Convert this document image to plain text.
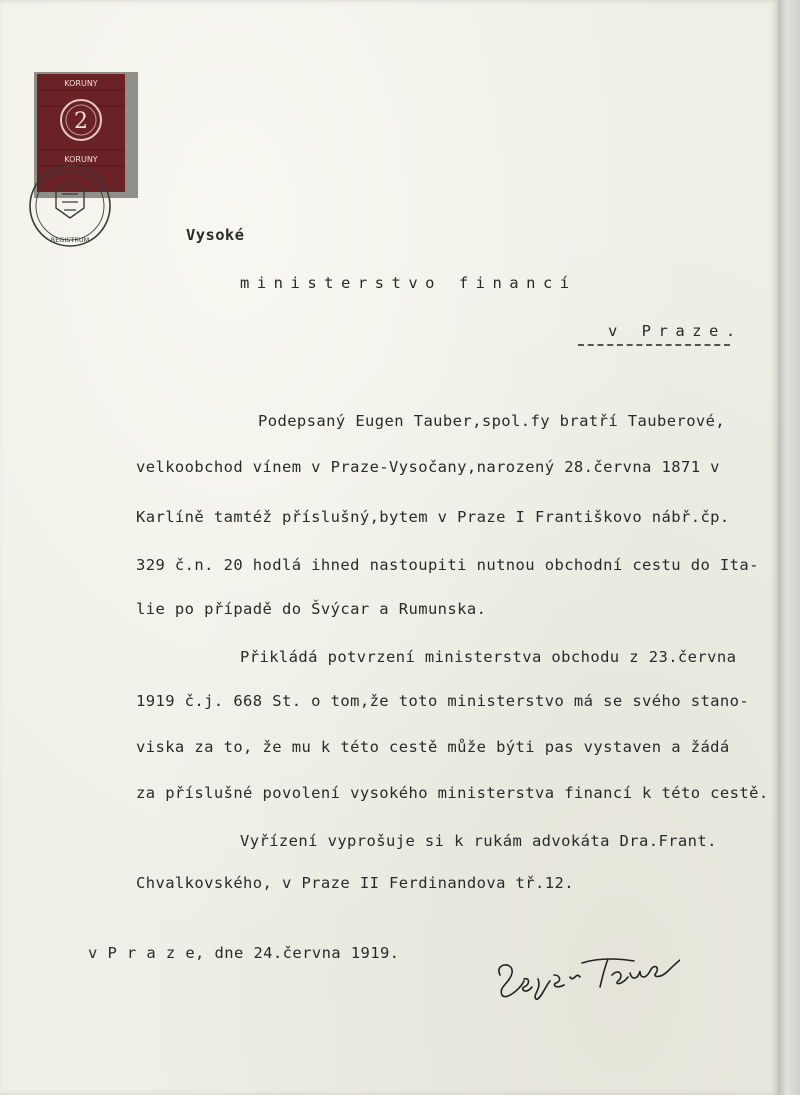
2
KORUNY
KORUNY
REGISTRUM	Vysoké
ministerstvo financí
v Praze.
Podepsaný Eugen Tauber,spol.fy bratří Tauberové,
velkoobchod vínem v Praze-Vysočany,narozený 28.června 1871 v
Karlíně tamtéž příslušný,bytem v Praze I Františkovo nábř.čp.
329 č.n. 20 hodlá ihned nastoupiti nutnou obchodní cestu do Ita-
lie po případě do Švýcar a Rumunska.
Přikládá potvrzení ministerstva obchodu z 23.června
1919 č.j. 668 St. o tom,že toto ministerstvo má se svého stano-
viska za to, že mu k této cestě může býti pas vystaven a žádá
za příslušné povolení vysokého ministerstva financí k této cestě.
Vyřízení vyprošuje si k rukám advokáta Dra.Frant.
Chvalkovského, v Praze II Ferdinandova tř.12.
v P r a z e, dne 24.června 1919.
